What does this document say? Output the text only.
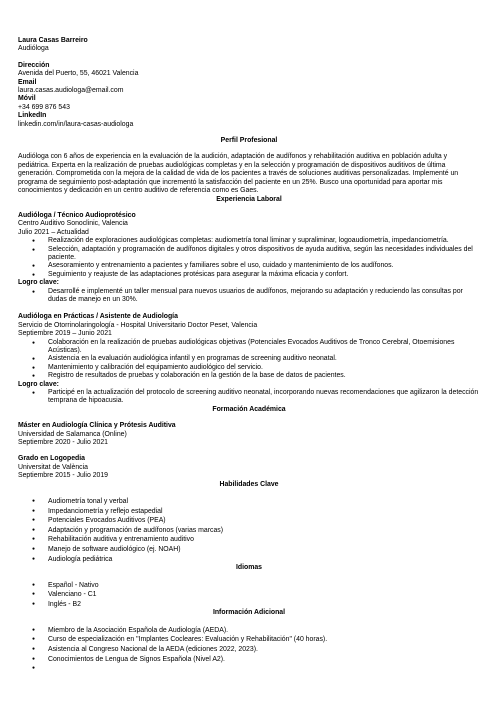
Laura Casas Barreiro
Audióloga
Dirección
Avenida del Puerto, 55, 46021 Valencia
Email
laura.casas.audiologa@email.com
Móvil
+34 699 876 543
LinkedIn
linkedin.com/in/laura-casas-audiologa
Perfil Profesional
Audióloga con 6 años de experiencia en la evaluación de la audición, adaptación de audífonos y rehabilitación auditiva en población adulta y pediátrica. Experta en la realización de pruebas audiológicas completas y en la selección y programación de dispositivos auditivos de última generación. Comprometida con la mejora de la calidad de vida de los pacientes a través de soluciones auditivas personalizadas. Implementé un programa de seguimiento post-adaptación que incrementó la satisfacción del paciente en un 25%. Busco una oportunidad para aportar mis conocimientos y dedicación en un centro auditivo de referencia como es Gaes.
Experiencia Laboral
Audióloga / Técnico Audioprotésico
Centro Auditivo Sonoclinic, Valencia
Julio 2021 – Actualidad
● Realización de exploraciones audiológicas completas: audiometría tonal liminar y supraliminar, logoaudiometría, impedanciometría.
● Selección, adaptación y programación de audífonos digitales y otros dispositivos de ayuda auditiva, según las necesidades individuales del paciente.
● Asesoramiento y entrenamiento a pacientes y familiares sobre el uso, cuidado y mantenimiento de los audífonos.
● Seguimiento y reajuste de las adaptaciones protésicas para asegurar la máxima eficacia y confort.
Logro clave:
● Desarrollé e implementé un taller mensual para nuevos usuarios de audífonos, mejorando su adaptación y reduciendo las consultas por dudas de manejo en un 30%.
Audióloga en Prácticas / Asistente de Audiología
Servicio de Otorrinolaringología - Hospital Universitario Doctor Peset, Valencia
Septiembre 2019 – Junio 2021
● Colaboración en la realización de pruebas audiológicas objetivas (Potenciales Evocados Auditivos de Tronco Cerebral, Otoemisiones Acústicas).
● Asistencia en la evaluación audiológica infantil y en programas de screening auditivo neonatal.
● Mantenimiento y calibración del equipamiento audiológico del servicio.
● Registro de resultados de pruebas y colaboración en la gestión de la base de datos de pacientes.
Logro clave:
● Participé en la actualización del protocolo de screening auditivo neonatal, incorporando nuevas recomendaciones que agilizaron la detección temprana de hipoacusia.
Formación Académica
Máster en Audiología Clínica y Prótesis Auditiva
Universidad de Salamanca (Online)
Septiembre 2020 - Julio 2021
Grado en Logopedia
Universitat de València
Septiembre 2015 - Julio 2019
Habilidades Clave
● Audiometría tonal y verbal
● Impedanciometría y reflejo estapedial
● Potenciales Evocados Auditivos (PEA)
● Adaptación y programación de audífonos (varias marcas)
● Rehabilitación auditiva y entrenamiento auditivo
● Manejo de software audiológico (ej. NOAH)
● Audiología pediátrica
Idiomas
● Español - Nativo
● Valenciano - C1
● Inglés - B2
Información Adicional
● Miembro de la Asociación Española de Audiología (AEDA).
● Curso de especialización en "Implantes Cocleares: Evaluación y Rehabilitación" (40 horas).
● Asistencia al Congreso Nacional de la AEDA (ediciones 2022, 2023).
● Conocimientos de Lengua de Signos Española (Nivel A2).
●
